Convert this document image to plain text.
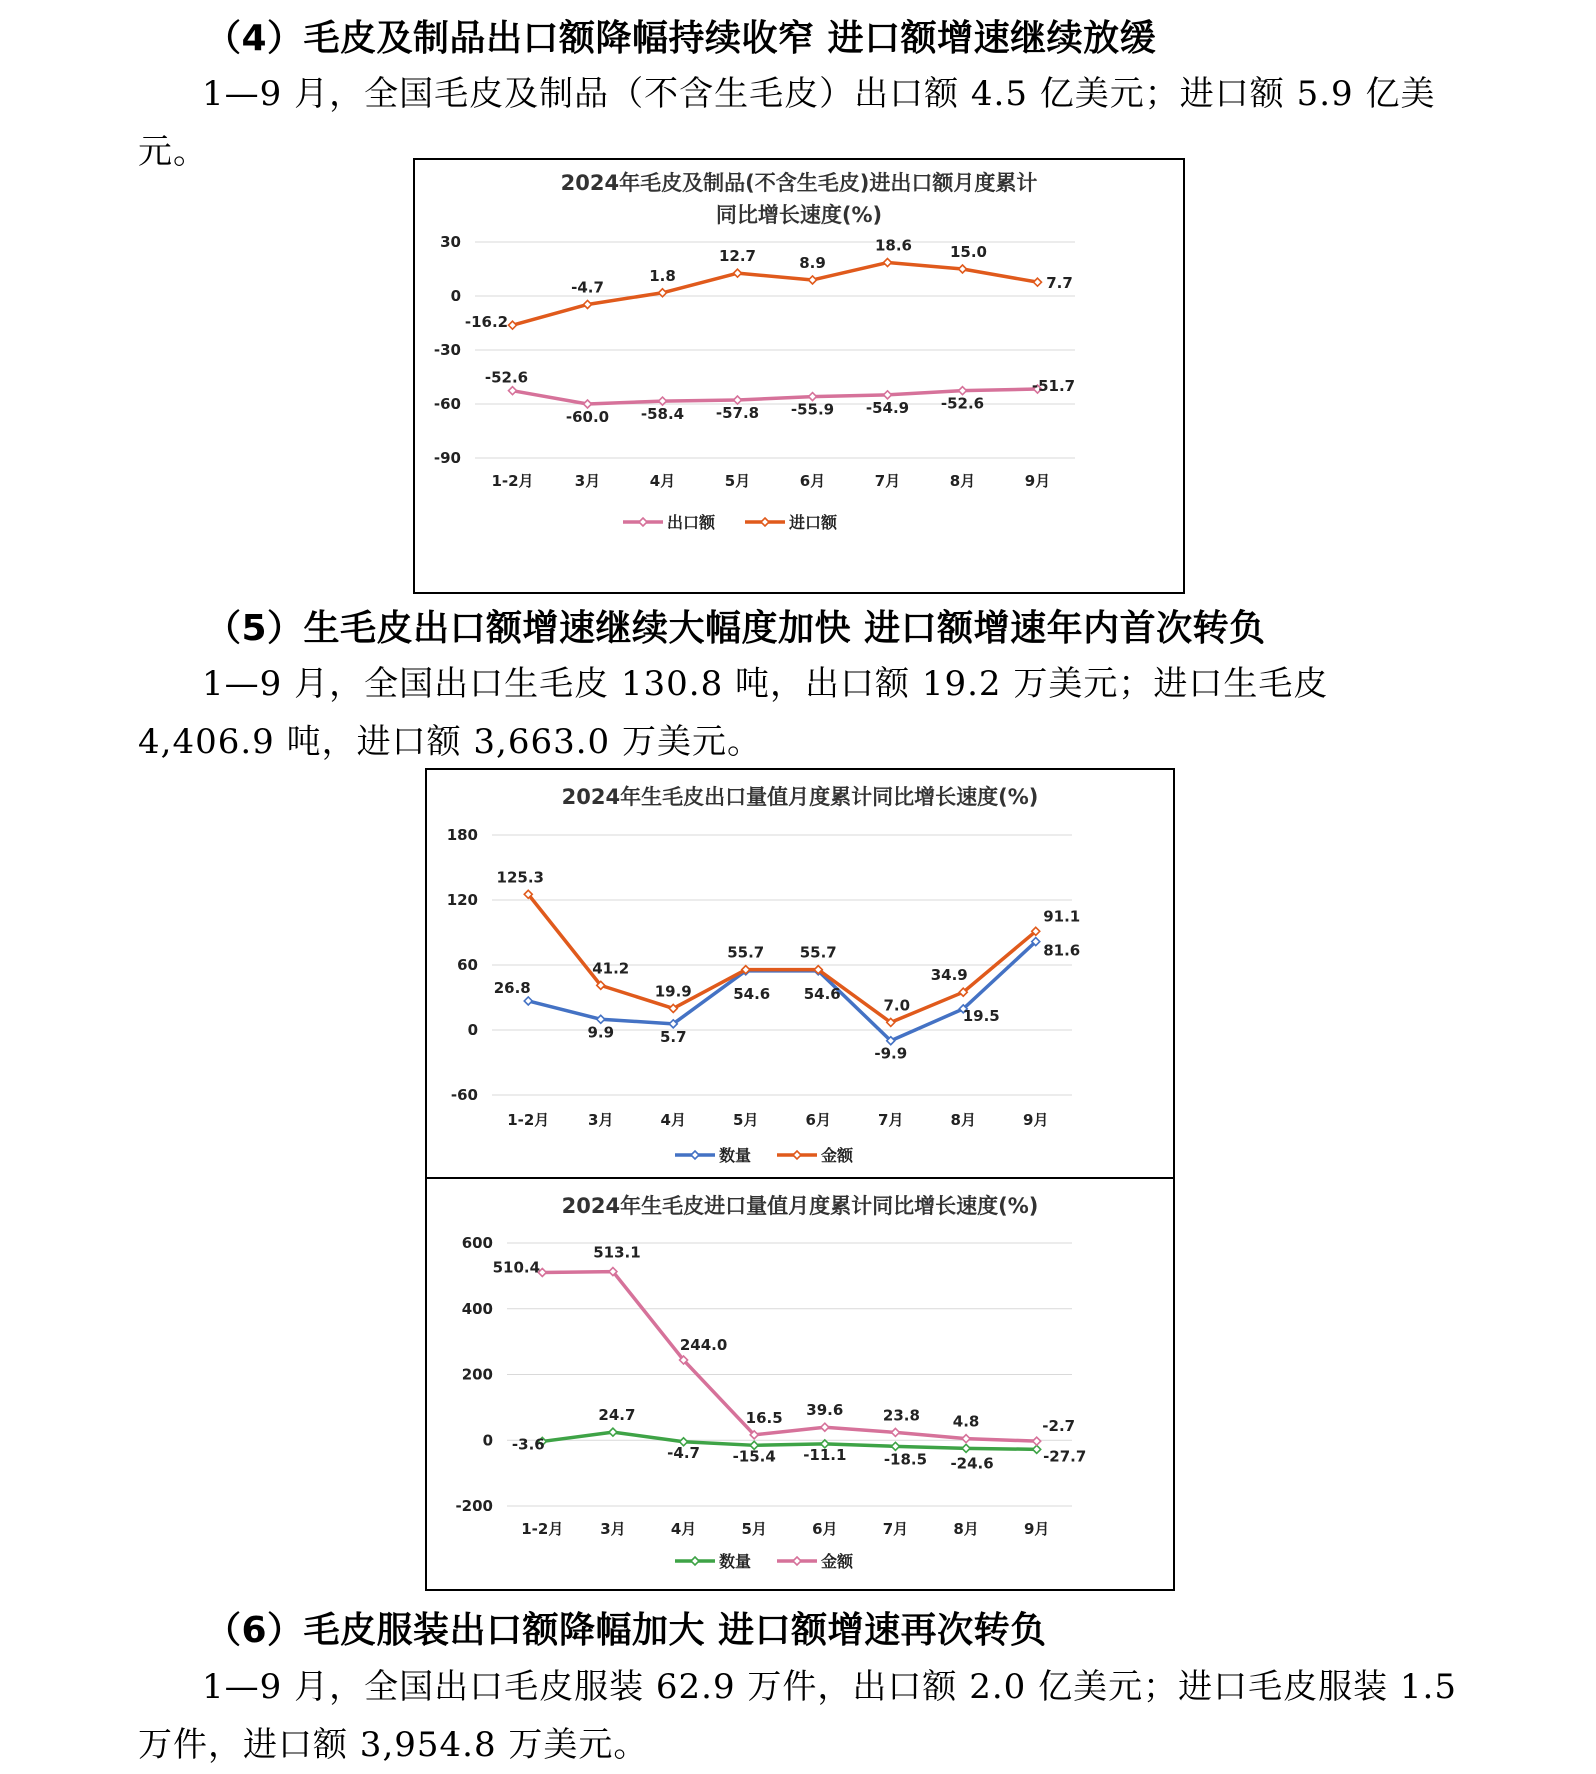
（4）毛皮及制品出口额降幅持续收窄 进口额增速继续放缓
1—9 月，全国毛皮及制品（不含生毛皮）出口额 4.5 亿美元；进口额 5.9 亿美元。
2024年毛皮及制品(不含生毛皮)进出口额月度累计
同比增长速度(%)
30
0
-30
-60
-90
1-2月	3月	4月	5月	6月	7月	8月	9月
-52.6
-60.0 -58.4 -57.8 -55.9 -54.9 -52.6
-51.7
出口额
-16.2
-4.7
1.8
12.7	8.9
18.6	15.0
7.7
进口额
（5）生毛皮出口额增速继续大幅度加快 进口额增速年内首次转负
1—9 月，全国出口生毛皮 130.8 吨，出口额 19.2 万美元；进口生毛皮 4,406.9 吨，进口额 3,663.0 万美元。
2024年生毛皮出口量值月度累计同比增长速度(%)
180
120
60
0
-60
1-2月	3月	4月	5月	6月	7月	8月	9月
26.8
9.9	5.7
54.6 54.6
-9.9
19.5
81.6
数量
125.3
41.2
19.9
55.7 55.7
7.0
34.9
91.1
金额
2024年生毛皮进口量值月度累计同比增长速度(%)
600
400
200
0
-200
1-2月 3月	4月	5月	6月	7月	8月	9月
-3.6
24.7
-4.7 -15.4 -11.1 -18.5 -24.6	-27.7
数量
510.4
513.1
244.0
16.5 39.6	23.8 4.8	-2.7
金额
（6）毛皮服装出口额降幅加大 进口额增速再次转负
1—9 月，全国出口毛皮服装 62.9 万件，出口额 2.0 亿美元；进口毛皮服装 1.5 万件，进口额 3,954.8 万美元。
